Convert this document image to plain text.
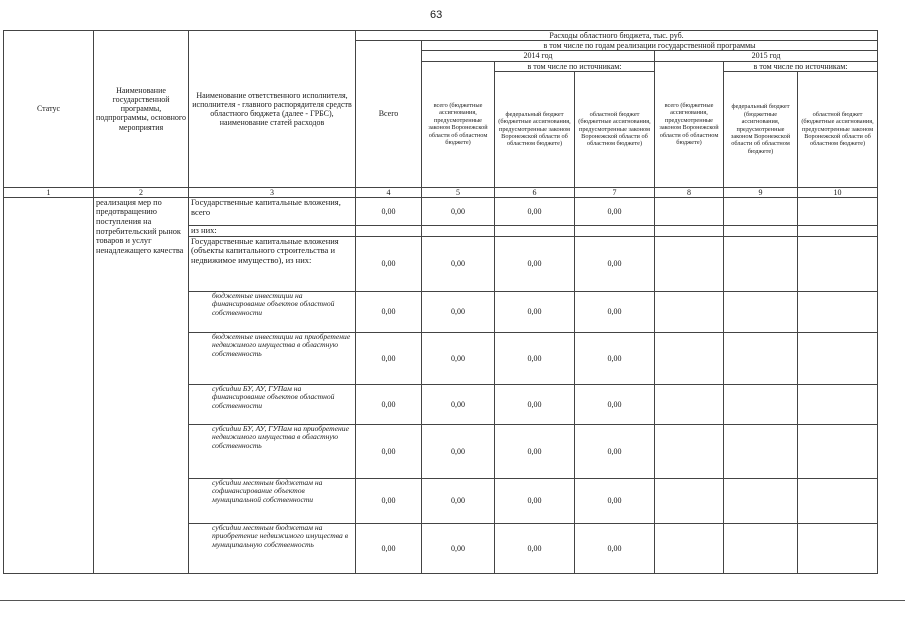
63
Статус	Наименование государственной программы, подпрограммы, основного мероприятия	Наименование ответственного исполнителя, исполнителя - главного распорядителя средств областного бюджета (далее - ГРБС), наименование статей расходов	Расходы областного бюджета, тыс. руб.						
			Всего	в том числе по годам реализации государственной программы					
				2014 год			2015 год		
				всего (бюджетные ассигнования, предусмотренные законом Воронежской области об областном бюджете)	в том числе по источникам:		всего (бюджетные ассигнования, предусмотренные законом Воронежской области об областном бюджете)	в том числе по источникам:	
					федеральный бюджет (бюджетные ассигнования, предусмотренные законом Воронежской области об областном бюджете)	областной бюджет (бюджетные ассигнования, предусмотренные законом Воронежской области об областном бюджете)		федеральный бюджет (бюджетные ассигнования, предусмотренные законом Воронежской области об областном бюджете)	областной бюджет (бюджетные ассигнования, предусмотренные законом Воронежской области об областном бюджете)

1	2	3	4	5	6	7	8	9	10
	реализация мер по предотвращению поступления на потребительский рынок товаров и услуг ненадлежащего качества	Государственные капитальные вложения, всего	0,00	0,00	0,00	0,00			
		из них:							
		Государственные капитальные вложения (объекты капитального строительства и недвижимое имущество), из них:	0,00	0,00	0,00	0,00			
		бюджетные инвестиции на финансирование объектов областной собственности	0,00	0,00	0,00	0,00			
		бюджетные инвестиции на приобретение недвижимого имущества в областную собственность	0,00	0,00	0,00	0,00			
		субсидии БУ, АУ, ГУПам на финансирование объектов областной собственности	0,00	0,00	0,00	0,00			
		субсидии БУ, АУ, ГУПам на приобретение недвижимого имущества в областную собственность	0,00	0,00	0,00	0,00			
		субсидии местным бюджетам на софинансирование объектов муниципальной собственности	0,00	0,00	0,00	0,00			
		субсидии местным бюджетам на приобретение недвижимого имущества в муниципальную собственность	0,00	0,00	0,00	0,00			
